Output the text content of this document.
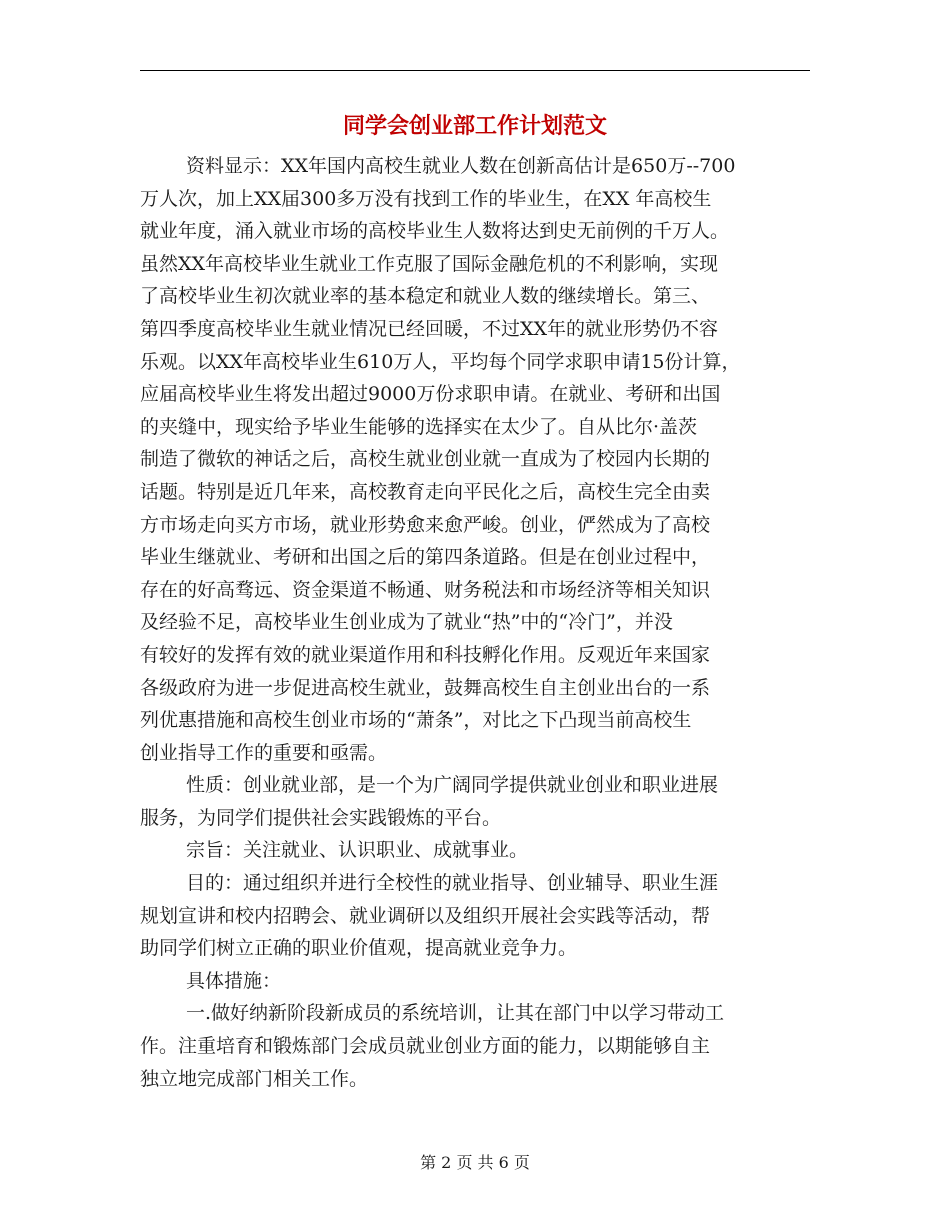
同学会创业部工作计划范文
资料显示：XX年国内高校生就业人数在创新高估计是650万--700
万人次，加上XX届300多万没有找到工作的毕业生，在XX 年高校生
就业年度，涌入就业市场的高校毕业生人数将达到史无前例的千万人。
虽然XX年高校毕业生就业工作克服了国际金融危机的不利影响，实现
了高校毕业生初次就业率的基本稳定和就业人数的继续增长。第三、
第四季度高校毕业生就业情况已经回暖，不过XX年的就业形势仍不容
乐观。以XX年高校毕业生610万人，平均每个同学求职申请15份计算，
应届高校毕业生将发出超过9000万份求职申请。在就业、考研和出国
的夹缝中，现实给予毕业生能够的选择实在太少了。自从比尔·盖茨
制造了微软的神话之后，高校生就业创业就一直成为了校园内长期的
话题。特别是近几年来，高校教育走向平民化之后，高校生完全由卖
方市场走向买方市场，就业形势愈来愈严峻。创业，俨然成为了高校
毕业生继就业、考研和出国之后的第四条道路。但是在创业过程中，
存在的好高骛远、资金渠道不畅通、财务税法和市场经济等相关知识
及经验不足，高校毕业生创业成为了就业“热”中的“冷门”，并没
有较好的发挥有效的就业渠道作用和科技孵化作用。反观近年来国家
各级政府为进一步促进高校生就业，鼓舞高校生自主创业出台的一系
列优惠措施和高校生创业市场的“萧条”，对比之下凸现当前高校生
创业指导工作的重要和亟需。
性质：创业就业部，是一个为广阔同学提供就业创业和职业进展
服务，为同学们提供社会实践锻炼的平台。
宗旨：关注就业、认识职业、成就事业。
目的：通过组织并进行全校性的就业指导、创业辅导、职业生涯
规划宣讲和校内招聘会、就业调研以及组织开展社会实践等活动，帮
助同学们树立正确的职业价值观，提高就业竞争力。
具体措施：
一.做好纳新阶段新成员的系统培训，让其在部门中以学习带动工
作。注重培育和锻炼部门会成员就业创业方面的能力，以期能够自主
独立地完成部门相关工作。
第 2 页 共 6 页
